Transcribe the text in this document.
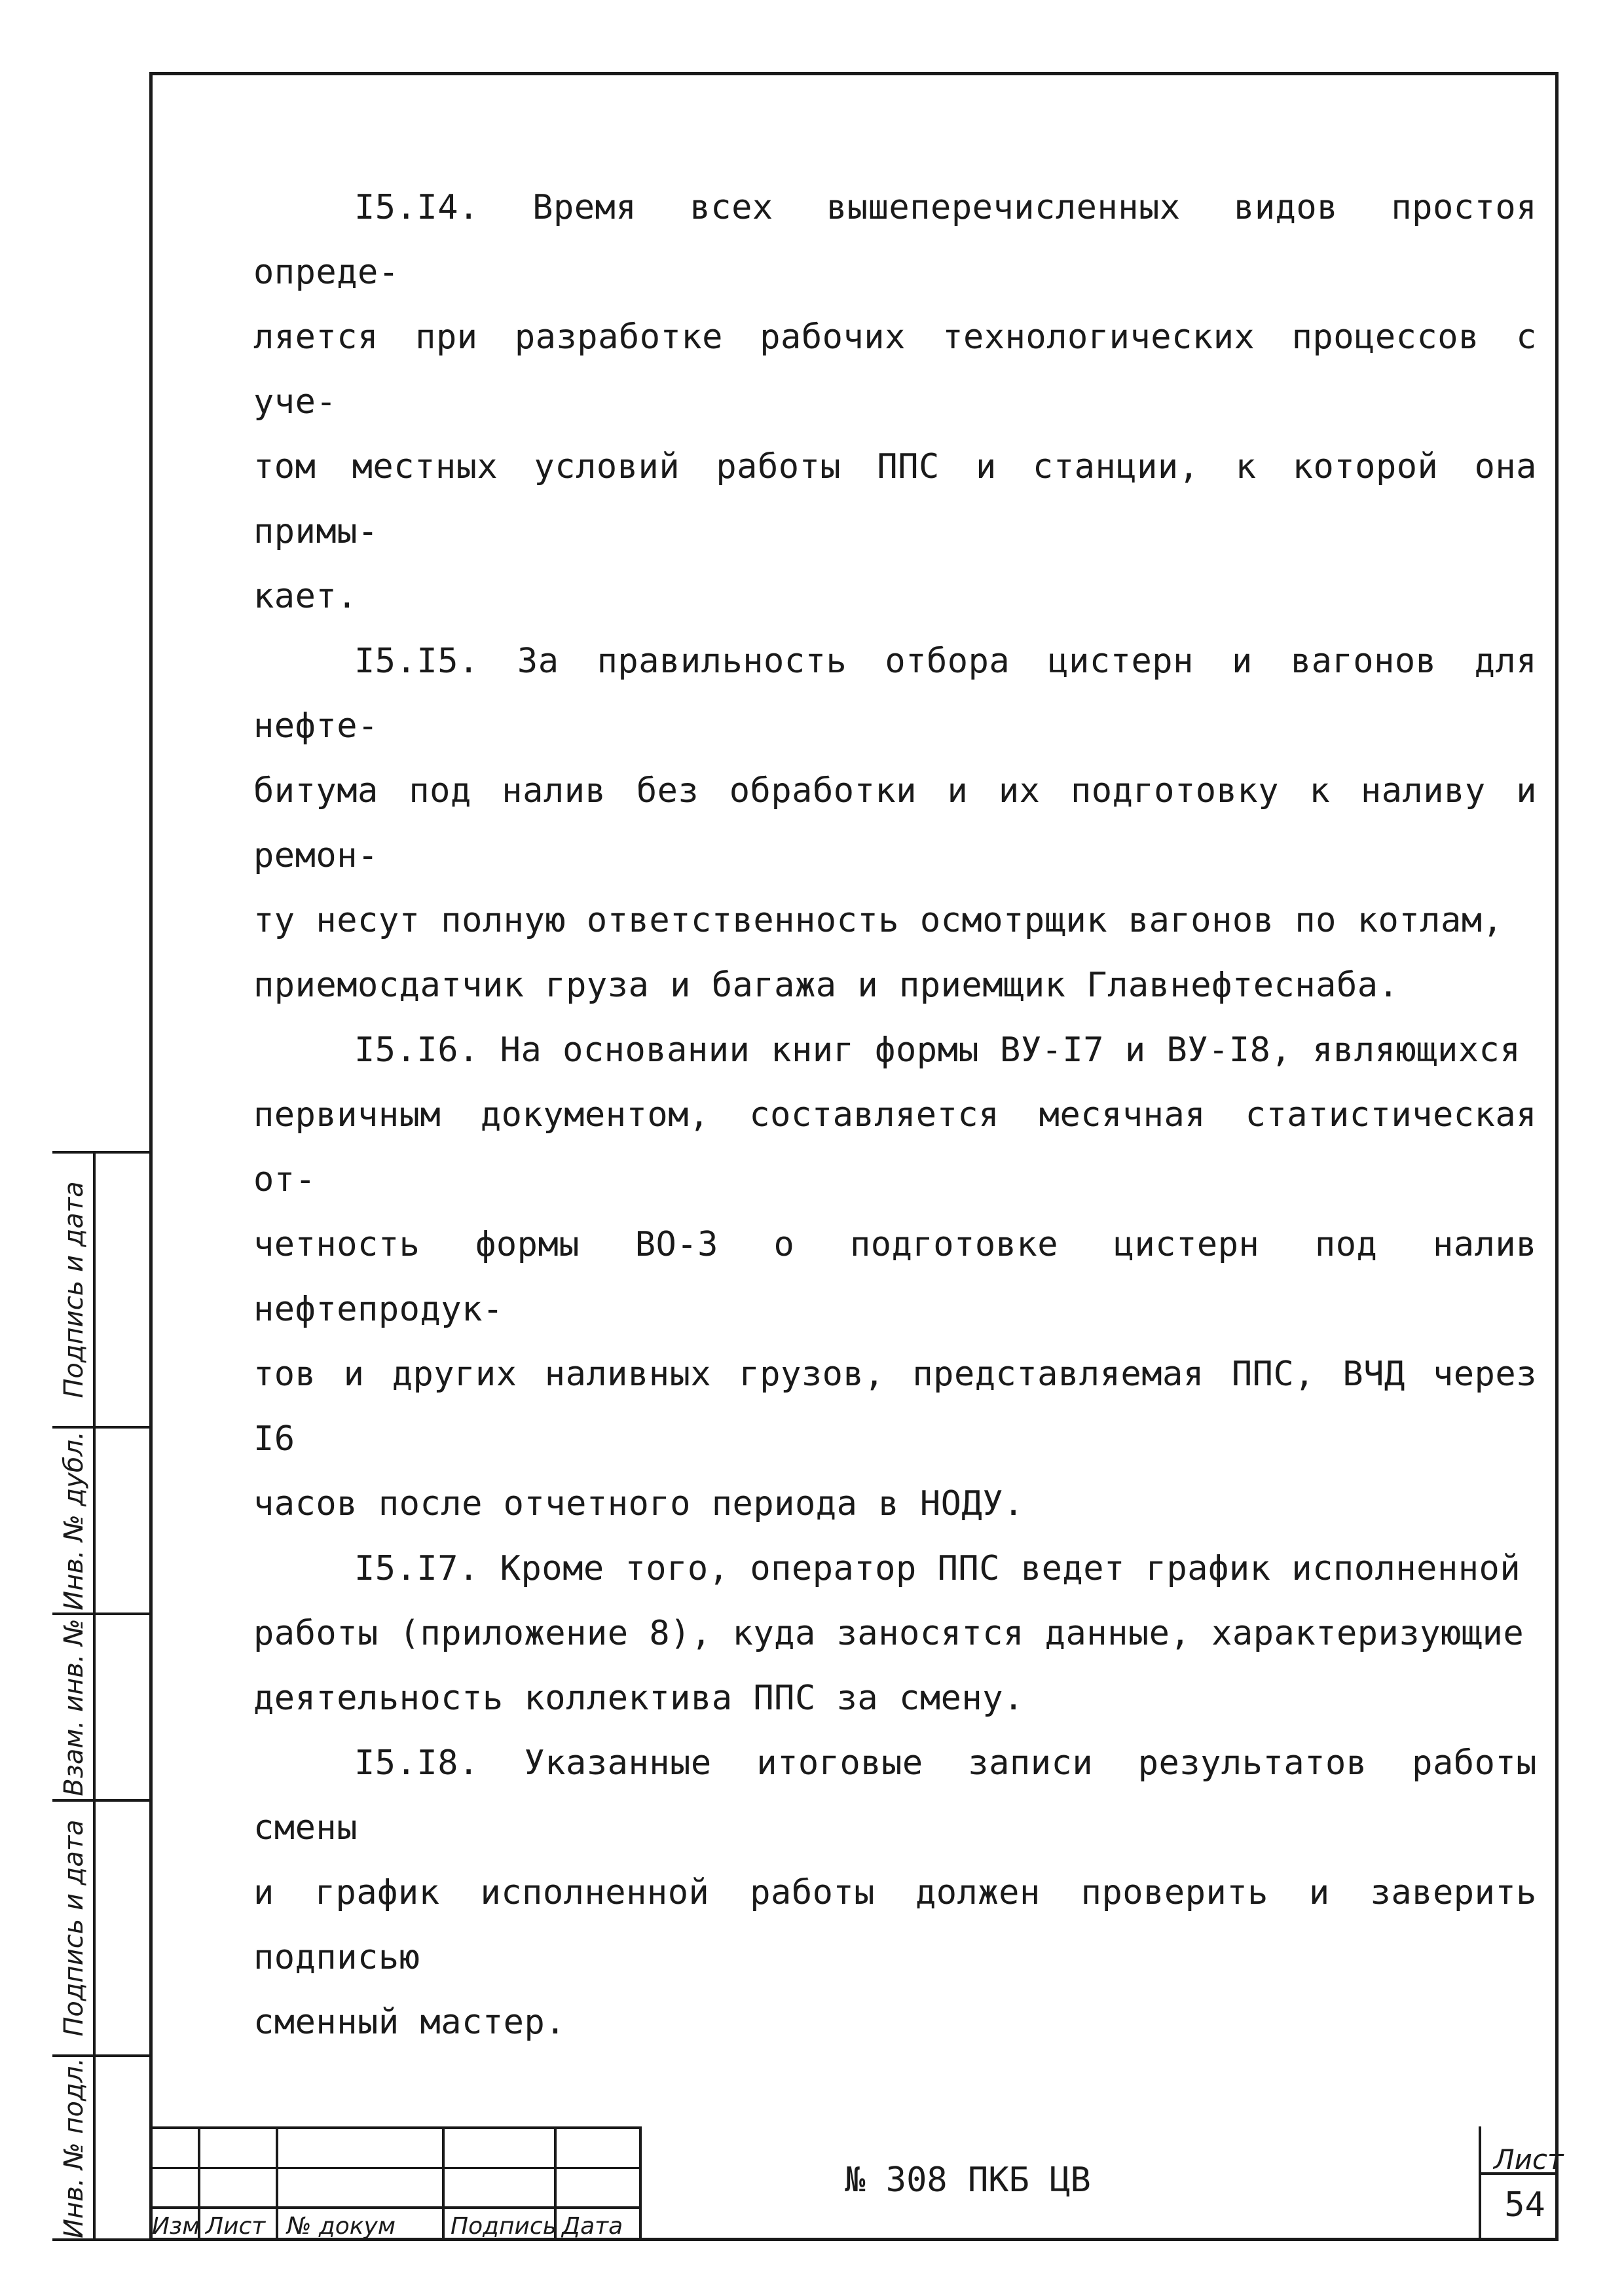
I5.I4. Время всех вышеперечисленных видов простоя опреде-

ляется при разработке рабочих технологических процессов с уче-

том местных условий работы ППС и станции, к которой она примы-

кает.

I5.I5. За правильность отбора цистерн и вагонов для нефте-

битума под налив без обработки и их подготовку к наливу и ремон-

ту несут полную ответственность осмотрщик вагонов по котлам,

приемосдатчик груза и багажа и приемщик Главнефтеснаба.

I5.I6. На основании книг формы ВУ-I7 и ВУ-I8, являющихся

первичным документом, составляется месячная статистическая от-

четность формы ВО-3 о подготовке цистерн под налив нефтепродук-

тов и других наливных грузов, представляемая ППС, ВЧД через I6

часов после отчетного периода в НОДУ.

I5.I7. Кроме того, оператор ППС ведет график исполненной

работы (приложение 8), куда заносятся данные, характеризующие

деятельность коллектива ППС за смену.

I5.I8. Указанные итоговые записи результатов работы смены

и график исполненной работы должен проверить и заверить подписью

сменный мастер.

Инв. № подл.
Подпись и дата
Взам. инв. №
Инв. № дубл.
Подпись и дата
Изм Лист № докум Подпись Дата
№ 308 ПКБ ЦВ
Лист
54
